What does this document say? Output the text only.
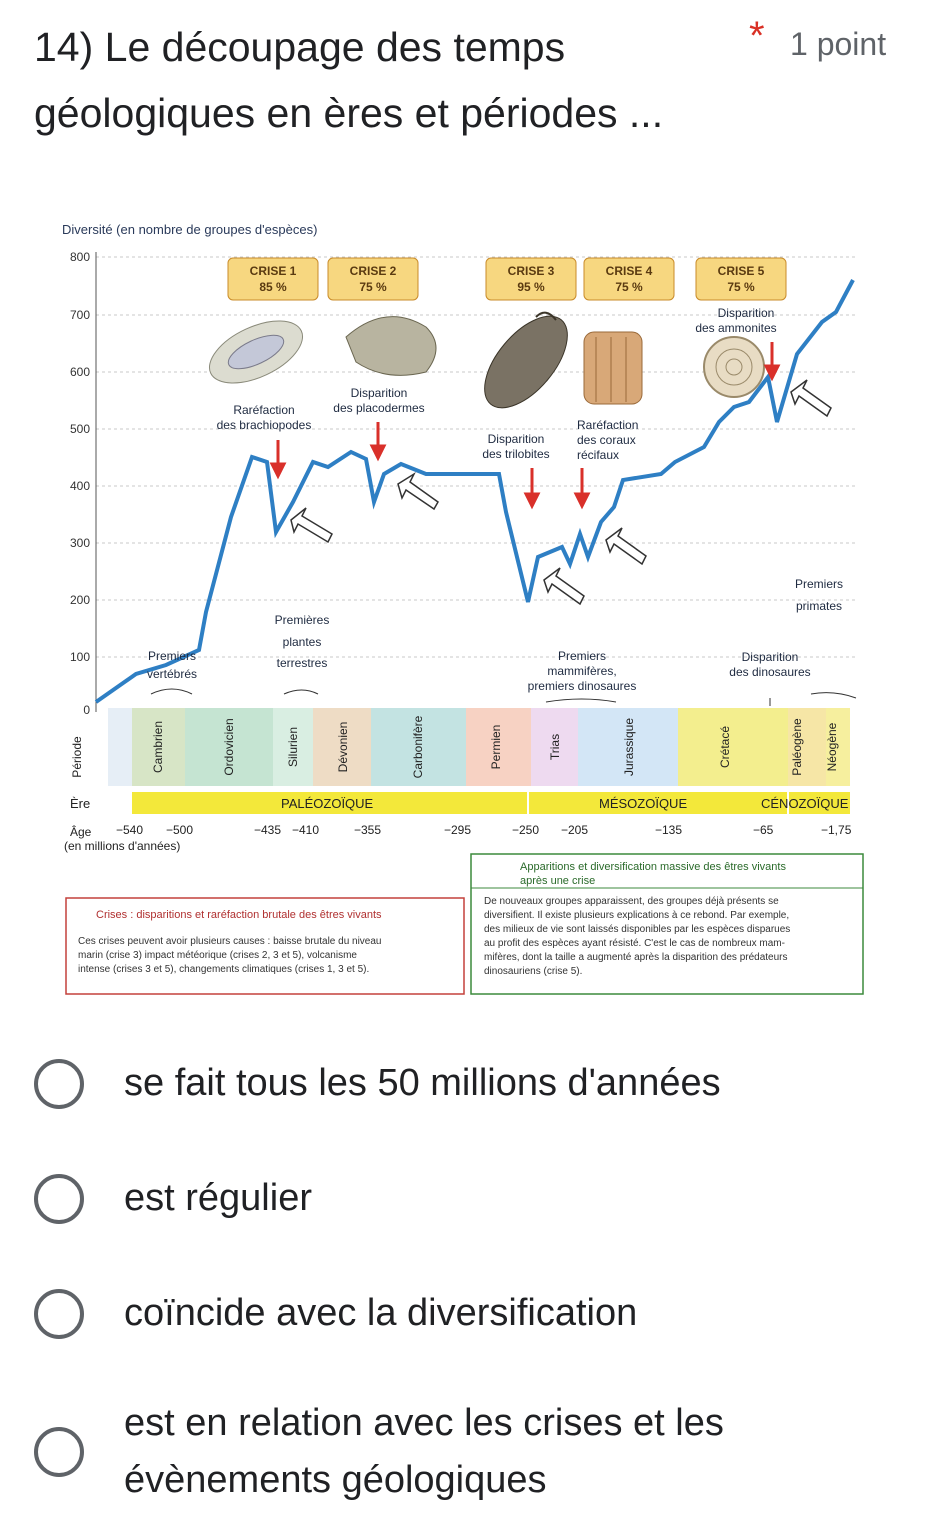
14) Le découpage des temps géologiques en ères et périodes ...
* 1 point
Diversité (en nombre de groupes d'espèces)
800
700
600
500
400
300
200
100
0
CRISE 1
85 %
CRISE 2
75 %
CRISE 3
95 %
CRISE 4
75 %
CRISE 5
75 %
Raréfaction
des brachiopodes
Disparition
des placodermes
Disparition
des trilobites
Raréfaction
des coraux
récifaux
Disparition
des ammonites
Premiers
vertébrés
Premières
plantes
terrestres	Premiers
mammifères,
premiers dinosaures
Premiers
primates
Disparition
des dinosaures
Période	Cambrien	Ordovicien	Silurien	Dévonien	Carbonifère	Permien	Trias	Jurassique	Crétacé	Paléogène Néogène
Ère	PALÉOZOÏQUE	MÉSOZOÏQUE	CÉNOZOÏQUE
Âge
(en millions d'années)
−540 −500	−435 −410	−355	−295	−250 −205	−135	−65	−1,75
Crises : disparitions et raréfaction brutale des êtres vivants
Ces crises peuvent avoir plusieurs causes : baisse brutale du niveau
marin (crise 3) impact météorique (crises 2, 3 et 5), volcanisme
intense (crises 3 et 5), changements climatiques (crises 1, 3 et 5).
Apparitions et diversification massive des êtres vivants
après une crise
De nouveaux groupes apparaissent, des groupes déjà présents se
diversifient. Il existe plusieurs explications à ce rebond. Par exemple,
des milieux de vie sont laissés disponibles par les espèces disparues
au profit des espèces ayant résisté. C'est le cas de nombreux mam-
mifères, dont la taille a augmenté après la disparition des prédateurs
dinosauriens (crise 5).
se fait tous les 50 millions d'années
est régulier
coïncide avec la diversification
est en relation avec les crises et les évènements géologiques
